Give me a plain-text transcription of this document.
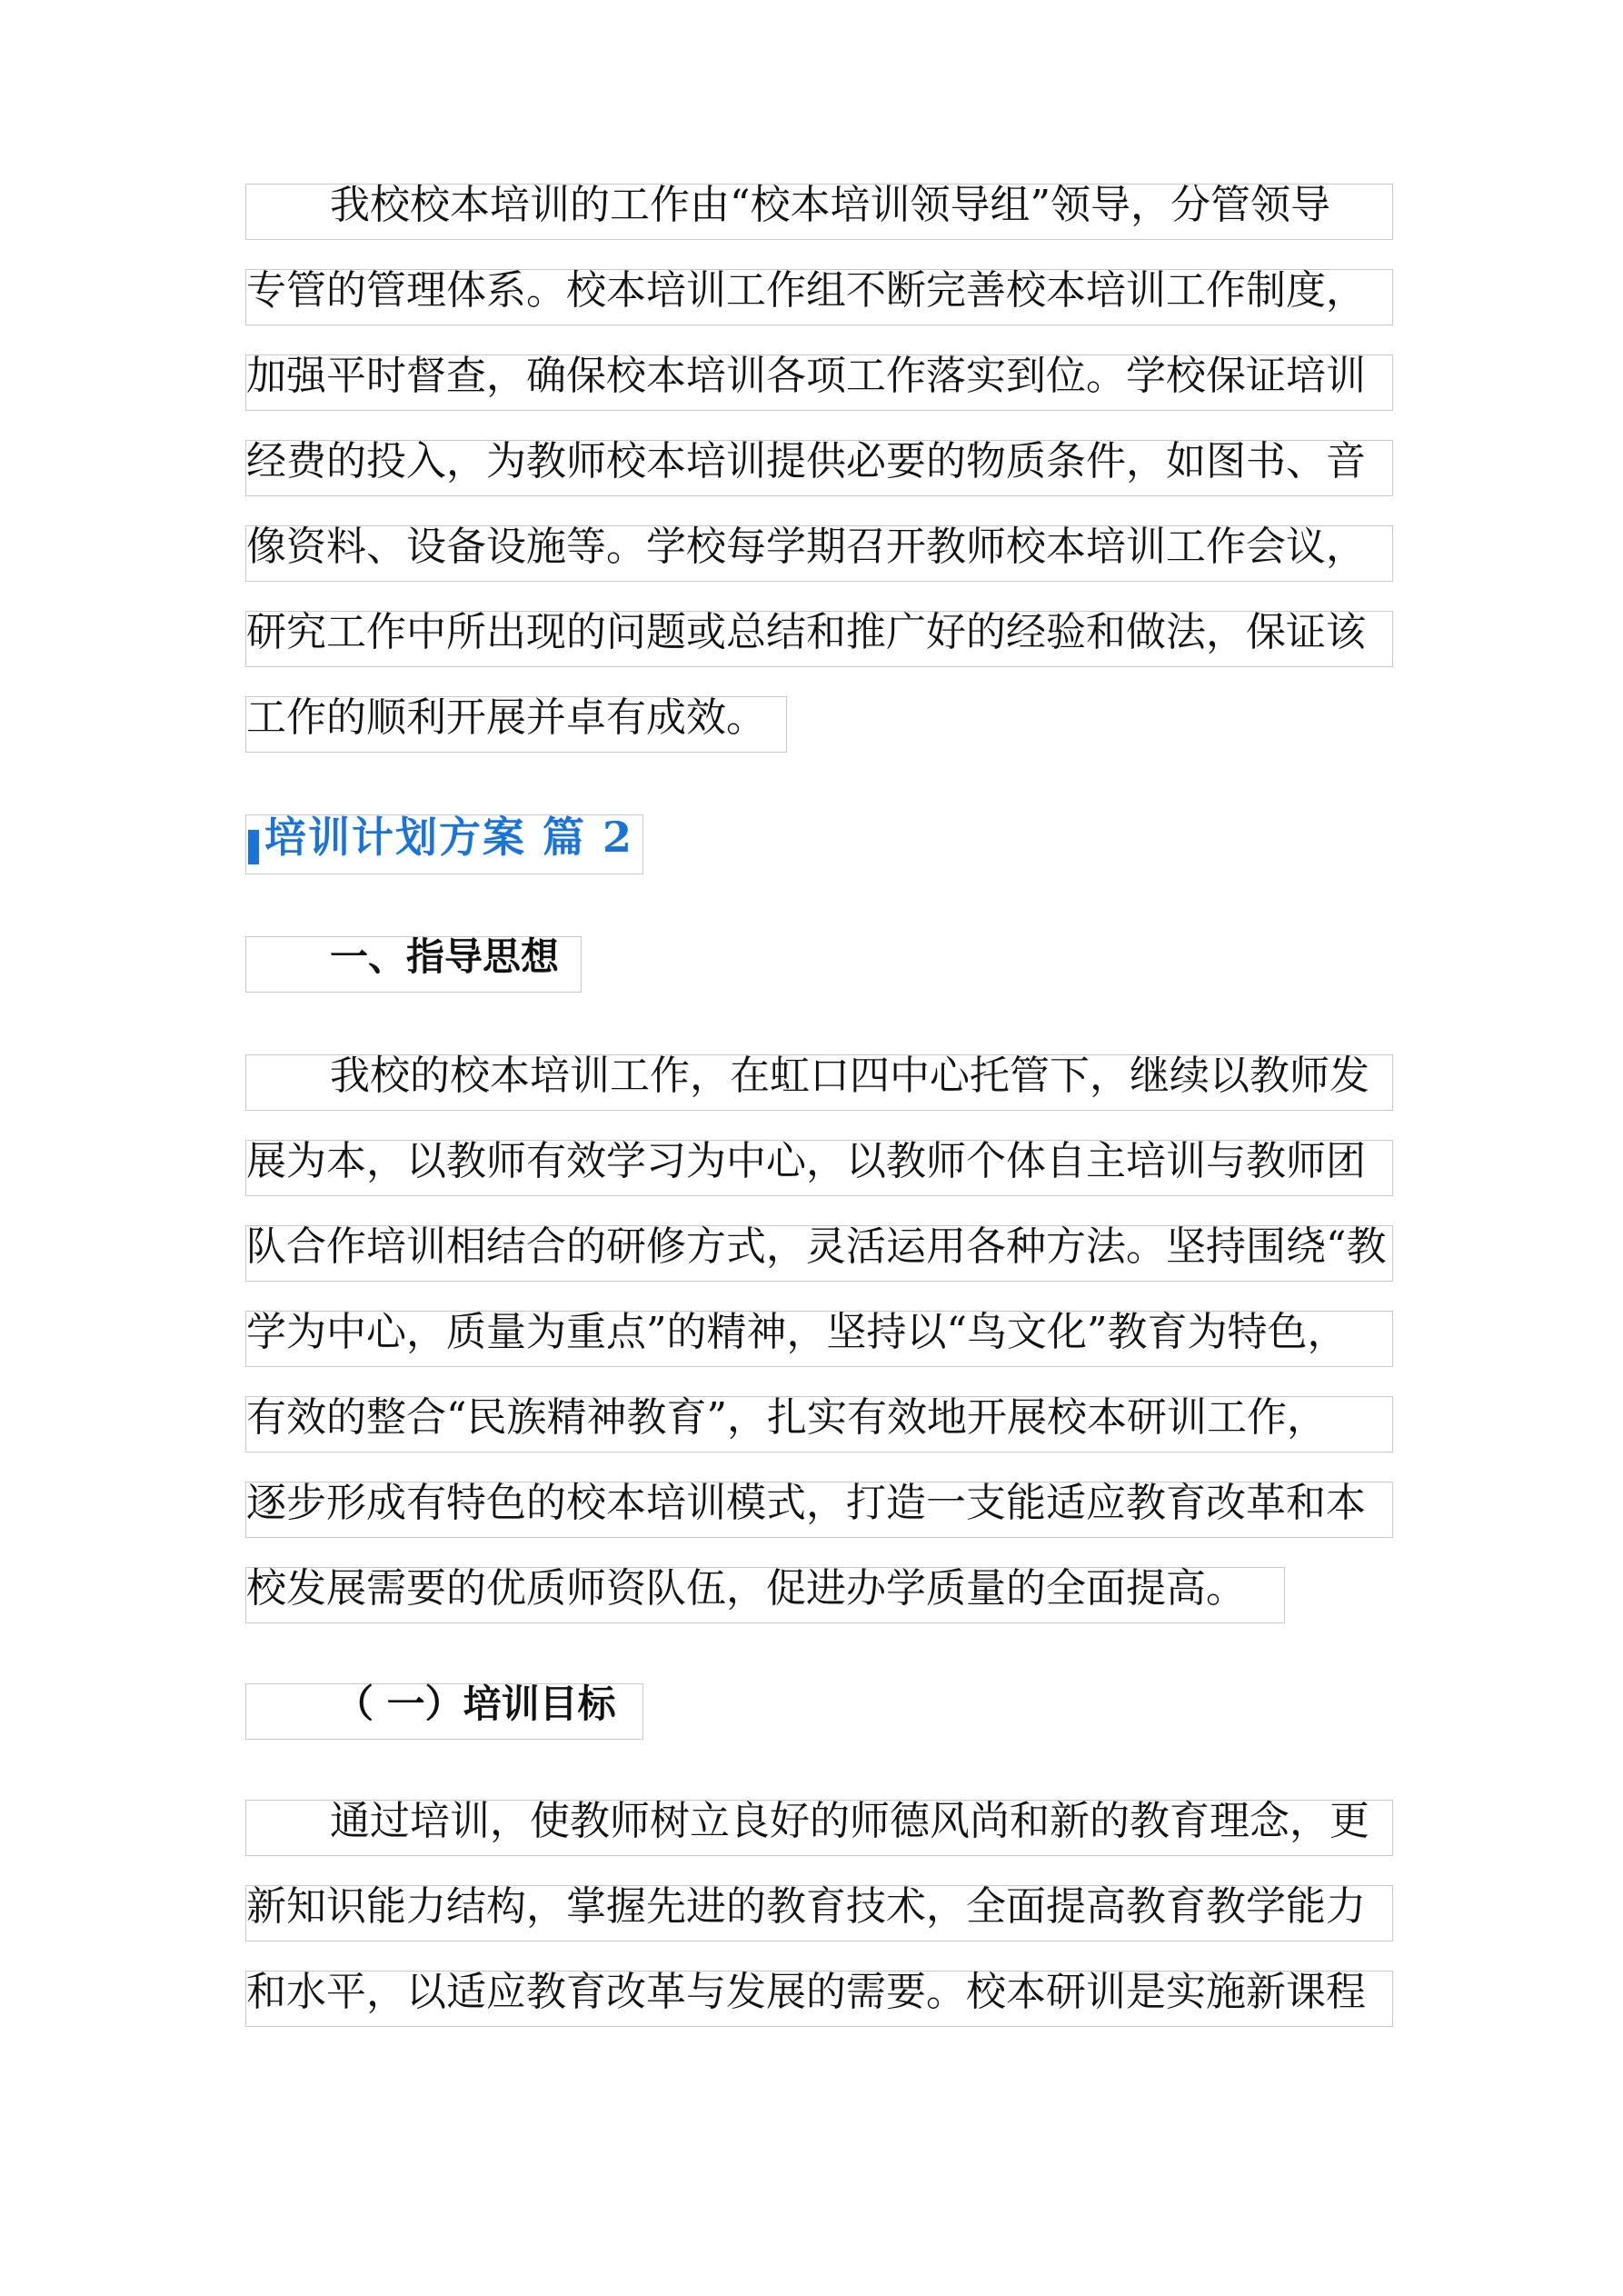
我校校本培训的工作由“校本培训领导组”领导，分管领导
专管的管理体系。校本培训工作组不断完善校本培训工作制度，
加强平时督查，确保校本培训各项工作落实到位。学校保证培训
经费的投入，为教师校本培训提供必要的物质条件，如图书、音
像资料、设备设施等。学校每学期召开教师校本培训工作会议，
研究工作中所出现的问题或总结和推广好的经验和做法，保证该
工作的顺利开展并卓有成效。
培训计划方案 篇 2
一、指导思想
我校的校本培训工作，在虹口四中心托管下，继续以教师发
展为本，以教师有效学习为中心，以教师个体自主培训与教师团
队合作培训相结合的研修方式，灵活运用各种方法。坚持围绕“教
学为中心，质量为重点”的精神，坚持以“鸟文化”教育为特色，
有效的整合“民族精神教育”，扎实有效地开展校本研训工作，
逐步形成有特色的校本培训模式，打造一支能适应教育改革和本
校发展需要的优质师资队伍，促进办学质量的全面提高。
（ 一）培训目标
通过培训，使教师树立良好的师德风尚和新的教育理念，更
新知识能力结构，掌握先进的教育技术，全面提高教育教学能力
和水平，以适应教育改革与发展的需要。校本研训是实施新课程
